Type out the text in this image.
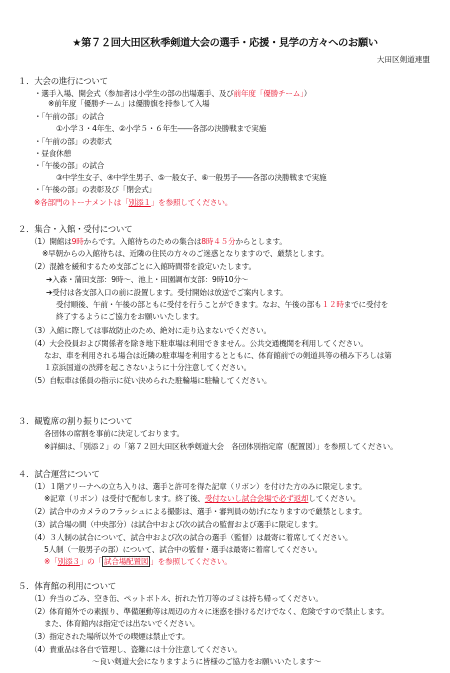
★第７２回大田区秋季剣道大会の選手・応援・見学の方々へのお願い
大田区剣道連盟
１．大会の進行について
・選手入場、開会式（参加者は小学生の部の出場選手、及び前年度「優勝チーム」）
※前年度「優勝チーム」は優勝旗を持参して入場
・「午前の部」の試合
①小学３・4年生、②小学５・６年生――各部の決勝戦まで実施
・「午前の部」の表彰式
・昼食休憩
・「午後の部」の試合
③中学生女子、④中学生男子、⑤一般女子、⑥一般男子――各部の決勝戦まで実施
・「午後の部」の表彰及び「閉会式」
※各部門のトーナメントは「別添１」を参照してください。
２．集合・入館・受付について
（1）開館は9時からです。入館待ちのための集合は8時４５分からとします。
※早朝からの入館待ちは、近隣の住民の方々のご迷惑となりますので、厳禁とします。
（2）混雑を緩和するため支部ごとに入館時間帯を設定いたします。
➔入森・蒲田支部：9時～、池上・田園調布支部：9時10分～
➔受付は各支部入口の前に設置します。受付開始は放送でご案内します。
受付順後、午前・午後の部ともに受付を行うことができます。なお、午後の部も１２時までに受付を
終了するようにご協力をお願いいたします。
（3）入館に際しては事故防止のため、絶対に走り込まないでください。
（4）大会役員および関係者を除き地下駐車場は利用できません。公共交通機関を利用してください。
なお、車を利用される場合は近隣の駐車場を利用するとともに、体育館前での剣道具等の積み下ろしは第
１京浜国道の渋滞を起こさないように十分注意してください。
（5）自転車は係員の指示に従い決められた駐輪場に駐輪してください。
３．観覧席の割り振りについて
各団体の席割を事前に決定しております。
※詳細は、「別添２」の「第７２回大田区秋季剣道大会　各団体別指定席（配置図）」を参照してください。
４．試合運営について
（1）１階アリーナへの立ち入りは、選手と許可を得た記章（リボン）を付けた方のみに限定します。
※記章（リボン）は受付で配布します。終了後、受付ないし試合会場で必ず返却してください。
（2）試合中のカメラのフラッシュによる撮影は、選手・審判員の妨げになりますので厳禁とします。
（3）試合場の間（中央部分）は試合中および次の試合の監督および選手に限定します。
（4）３人制の試合について、試合中および次の試合の選手（監督）は最寄に着席してください。
5人制（一般男子の部）について、試合中の監督・選手は最寄に着席してください。
※「別添３」の「 試合場配置図 」を参照してください。
５．体育館の利用について
（1）弁当のごみ、空き缶、ペットボトル、折れた竹刀等のゴミは持ち帰ってください。
（2）体育館外での素振り、準備運動等は周辺の方々に迷惑を掛けるだけでなく、危険ですので禁止します。
また、体育館内は指定では出ないでください。
（3）指定された場所以外での喫煙は禁止です。
（4）貴重品は各自で管理し、盗難には十分注意してください。
～良い剣道大会になりますように皆様のご協力をお願いいたします～
